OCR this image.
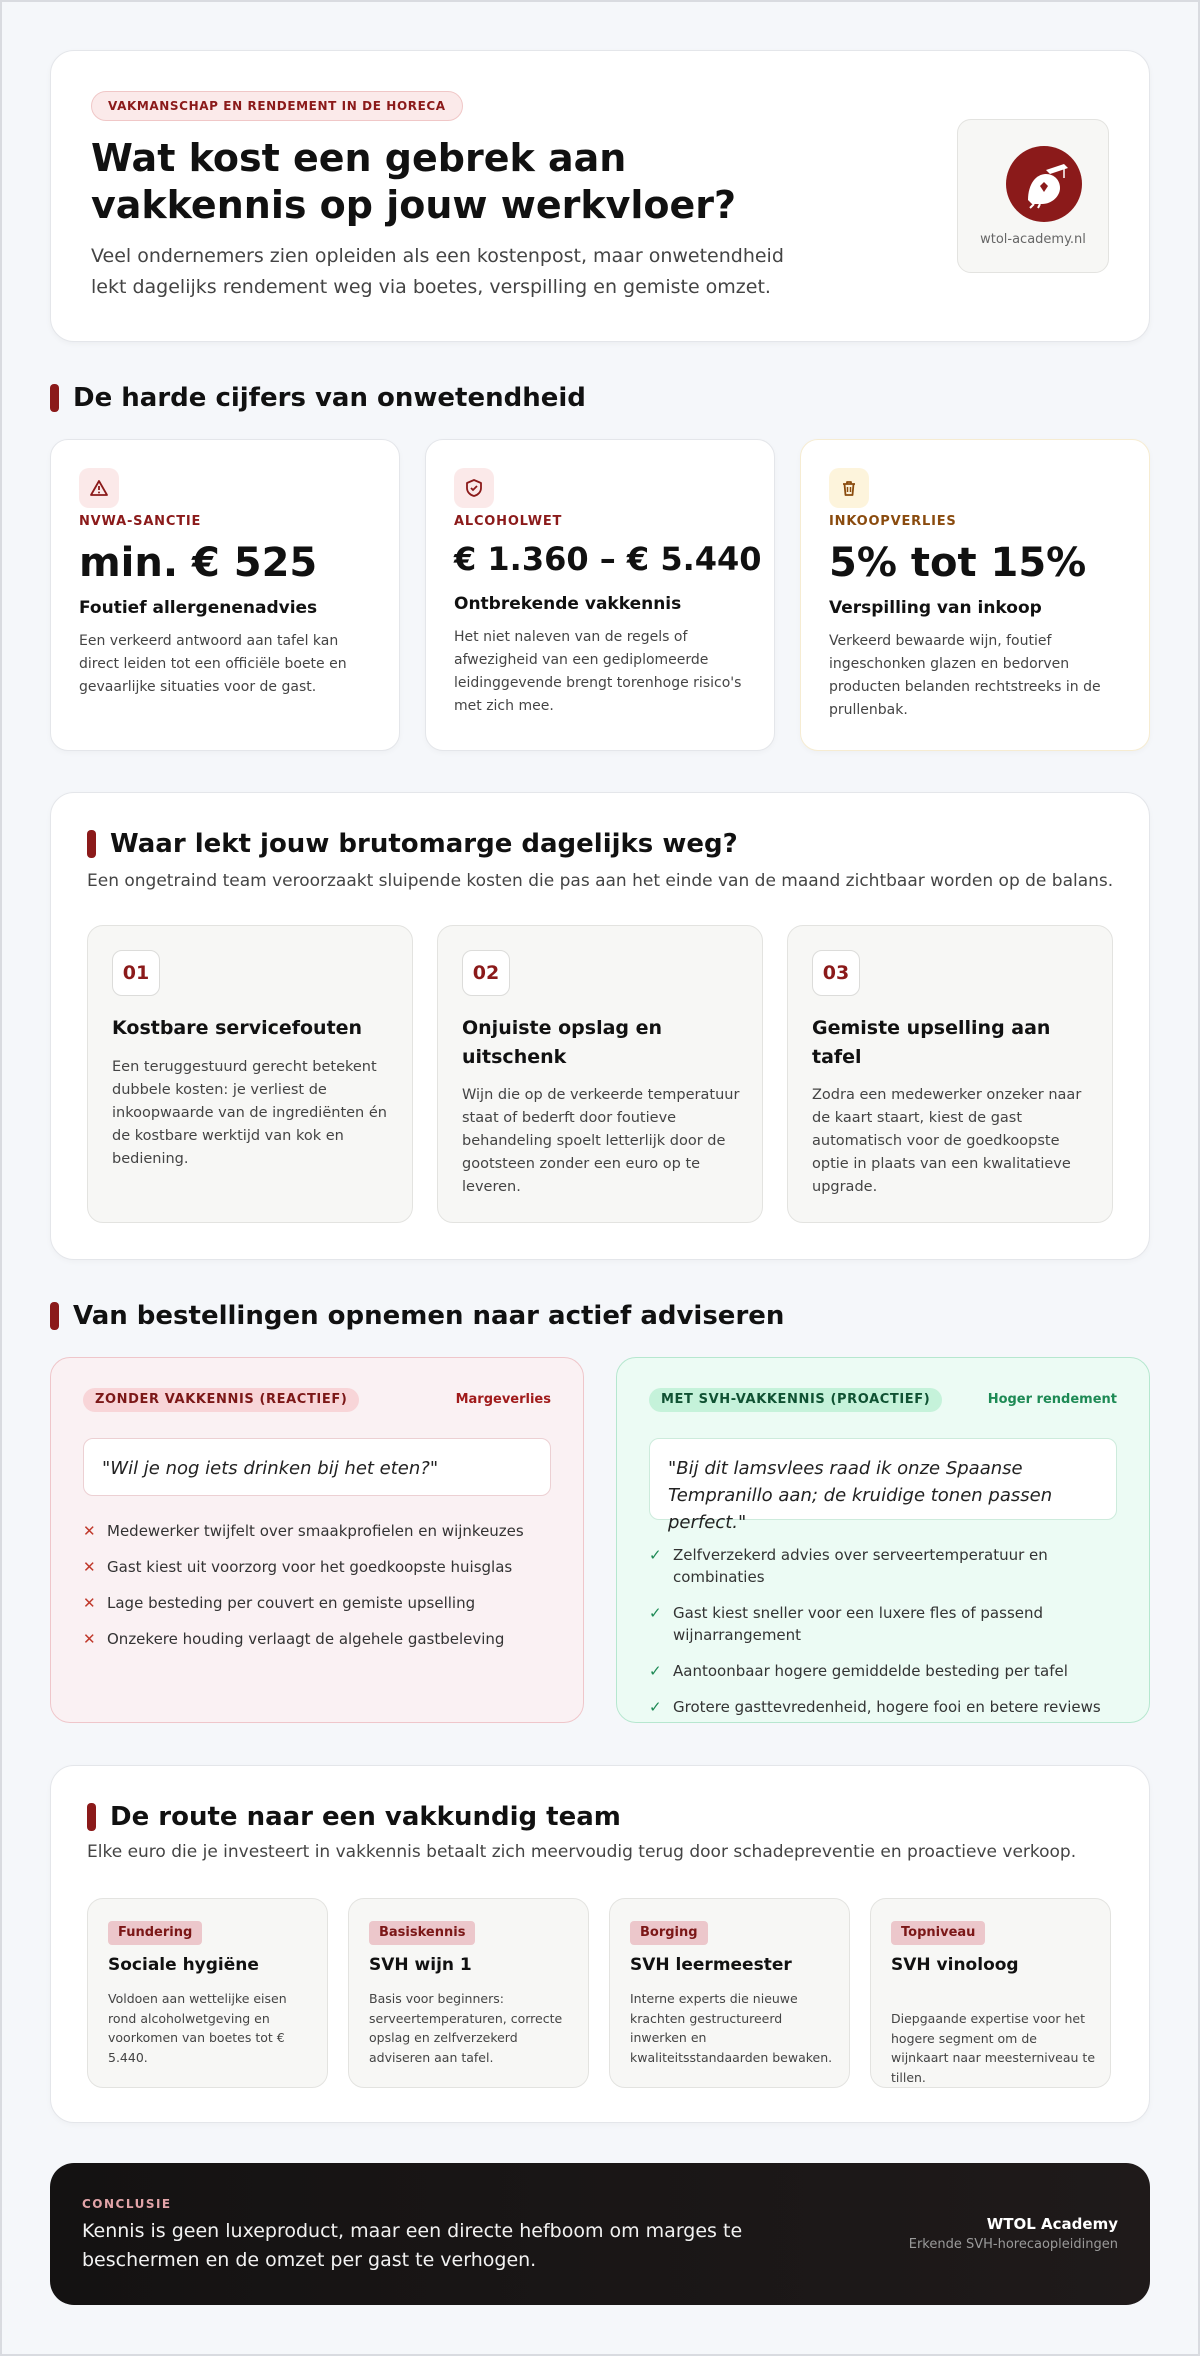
VAKMANSCHAP EN RENDEMENT IN DE HORECA
Wat kost een gebrek aan vakkennis op jouw werkvloer?

Veel ondernemers zien opleiden als een kostenpost, maar onwetendheid lekt dagelijks rendement weg via boetes, verspilling en gemiste omzet.

wtol-academy.nl
De harde cijfers van onwetendheid
NVWA-SANCTIE
min. € 525
Foutief allergenenadvies

Een verkeerd antwoord aan tafel kan direct leiden tot een officiële boete en gevaarlijke situaties voor de gast.

ALCOHOLWET
€ 1.360 – € 5.440
Ontbrekende vakkennis

Het niet naleven van de regels of afwezigheid van een gediplomeerde leidinggevende brengt torenhoge risico's met zich mee.

INKOOPVERLIES
5% tot 15%
Verspilling van inkoop

Verkeerd bewaarde wijn, foutief ingeschonken glazen en bedorven producten belanden rechtstreeks in de prullenbak.

Waar lekt jouw brutomarge dagelijks weg?
Een ongetraind team veroorzaakt sluipende kosten die pas aan het einde van de maand zichtbaar worden op de balans.
01
Kostbare servicefouten

Een teruggestuurd gerecht betekent dubbele kosten: je verliest de inkoopwaarde van de ingrediënten én de kostbare werktijd van kok en bediening.

02
Onjuiste opslag en uitschenk

Wijn die op de verkeerde temperatuur staat of bederft door foutieve behandeling spoelt letterlijk door de gootsteen zonder een euro op te leveren.

03
Gemiste upselling aan tafel

Zodra een medewerker onzeker naar de kaart staart, kiest de gast automatisch voor de goedkoopste optie in plaats van een kwalitatieve upgrade.

Van bestellingen opnemen naar actief adviseren
ZONDER VAKKENNIS (REACTIEF)	Margeverlies
"Wil je nog iets drinken bij het eten?"
✕ Medewerker twijfelt over smaakprofielen en wijnkeuzes
✕ Gast kiest uit voorzorg voor het goedkoopste huisglas
✕ Lage besteding per couvert en gemiste upselling
✕ Onzekere houding verlaagt de algehele gastbeleving
MET SVH-VAKKENNIS (PROACTIEF)	Hoger rendement
"Bij dit lamsvlees raad ik onze Spaanse Tempranillo aan; de kruidige tonen passen perfect."
✓ Zelfverzekerd advies over serveertemperatuur en combinaties
✓ Gast kiest sneller voor een luxere fles of passend wijnarrangement
✓ Aantoonbaar hogere gemiddelde besteding per tafel
✓ Grotere gasttevredenheid, hogere fooi en betere reviews
De route naar een vakkundig team
Elke euro die je investeert in vakkennis betaalt zich meervoudig terug door schadepreventie en proactieve verkoop.
Fundering
Sociale hygiëne

Voldoen aan wettelijke eisen rond alcoholwetgeving en voorkomen van boetes tot € 5.440.

Basiskennis
SVH wijn 1

Basis voor beginners: serveertemperaturen, correcte opslag en zelfverzekerd adviseren aan tafel.

Borging
SVH leermeester

Interne experts die nieuwe krachten gestructureerd inwerken en kwaliteitsstandaarden bewaken.

Topniveau
SVH vinoloog

Diepgaande expertise voor het hogere segment om de wijnkaart naar meesterniveau te tillen.

CONCLUSIE
Kennis is geen luxeproduct, maar een directe hefboom om marges te beschermen en de omzet per gast te verhogen.
WTOL Academy
Erkende SVH-horecaopleidingen
